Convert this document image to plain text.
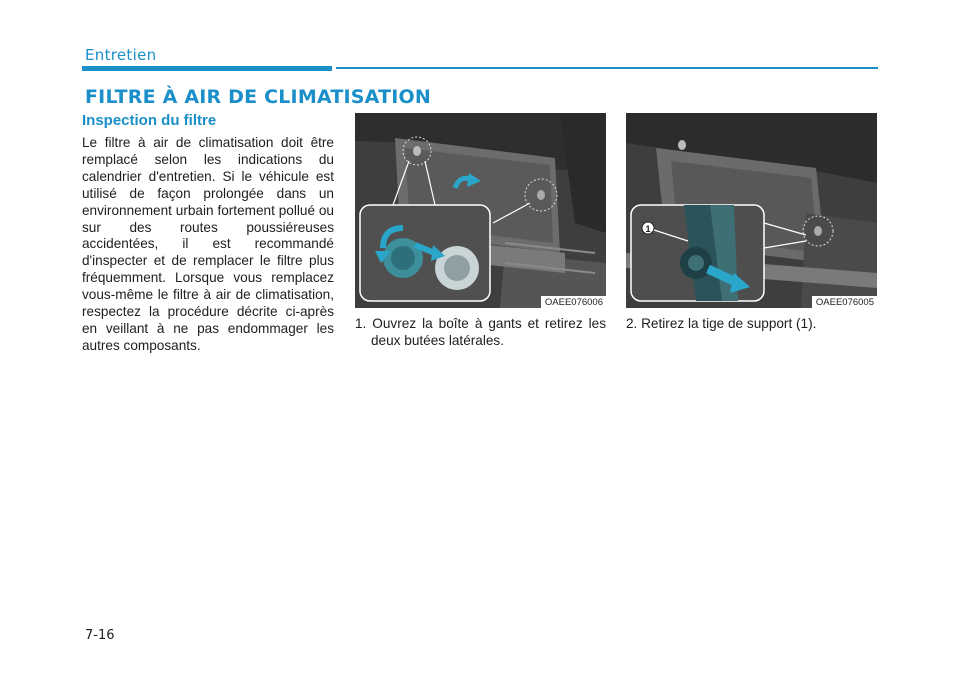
Entretien
FILTRE À AIR DE CLIMATISATION
Inspection du filtre
Le filtre à air de climatisation doit être remplacé selon les indications du calendrier d'entretien. Si le véhicule est utilisé de façon prolongée dans un environnement urbain fortement pollué ou sur des routes poussiéreuses accidentées, il est recommandé d'inspecter et de remplacer le filtre plus fréquemment. Lorsque vous remplacez vous-même le filtre à air de climatisation, respectez la procédure décrite ci-après en veillant à ne pas endommager les autres composants.
OAEE076006
1
OAEE076005
1. Ouvrez la boîte à gants et retirez les deux butées latérales.
2. Retirez la tige de support (1).
7-16
